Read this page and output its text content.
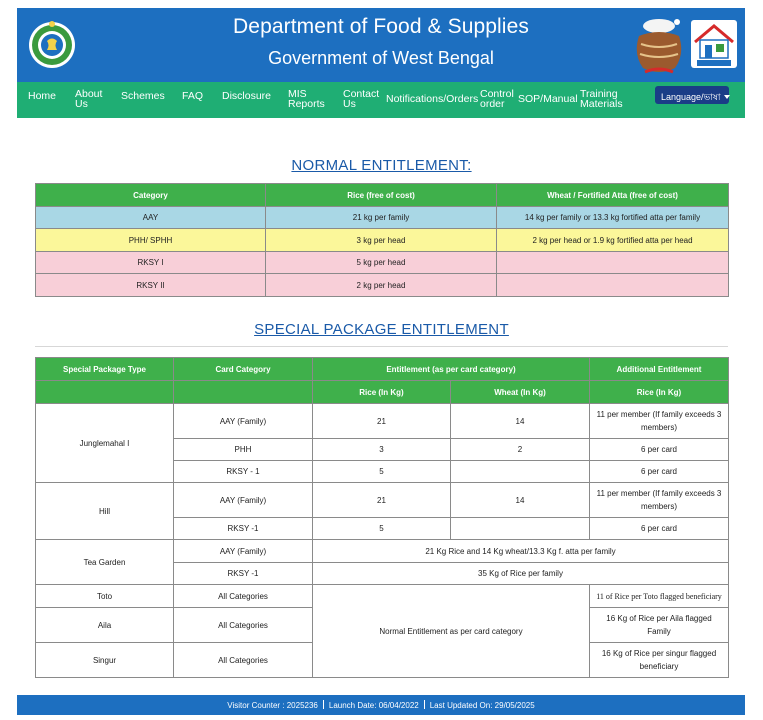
Department of Food & Supplies
Government of West Bengal
Home About
Us
Schemes FAQ Disclosure MIS
Reports
Contact
Us	Notifications/Orders Control
order	SOP/Manual Training
Materials
Language/ভাষা
NORMAL ENTITLEMENT:
Category	Rice (free of cost)	Wheat / Fortified Atta (free of cost)
AAY	21 kg per family	14 kg per family or 13.3 kg fortified atta per family
PHH/ SPHH	3 kg per head	2 kg per head or 1.9 kg fortified atta per head
RKSY I	5 kg per head	
RKSY II	2 kg per head	
SPECIAL PACKAGE ENTITLEMENT
Special Package Type	Card Category	Entitlement (as per card category)		Additional Entitlement
		Rice (In Kg)	Wheat (In Kg)	Rice (In Kg)
Junglemahal I	AAY (Family)	21	14	11 per member (If family exceeds 3 members)
	PHH	3	2	6 per card
	RKSY - 1	5		6 per card
Hill	AAY (Family)	21	14	11 per member (If family exceeds 3 members)
	RKSY -1	5		6 per card
Tea Garden	AAY (Family)	21 Kg Rice and 14 Kg wheat/13.3 Kg f. atta per family		
	RKSY -1	35 Kg of Rice per family		
Toto	All Categories	Normal Entitlement as per card category		11 of Rice per Toto flagged beneficiary
Aila	All Categories			16 Kg of Rice per Aila flagged Family
Singur	All Categories			16 Kg of Rice per singur flagged beneficiary
Visitor Counter : 2025236 Launch Date: 06/04/2022 Last Updated On: 29/05/2025
